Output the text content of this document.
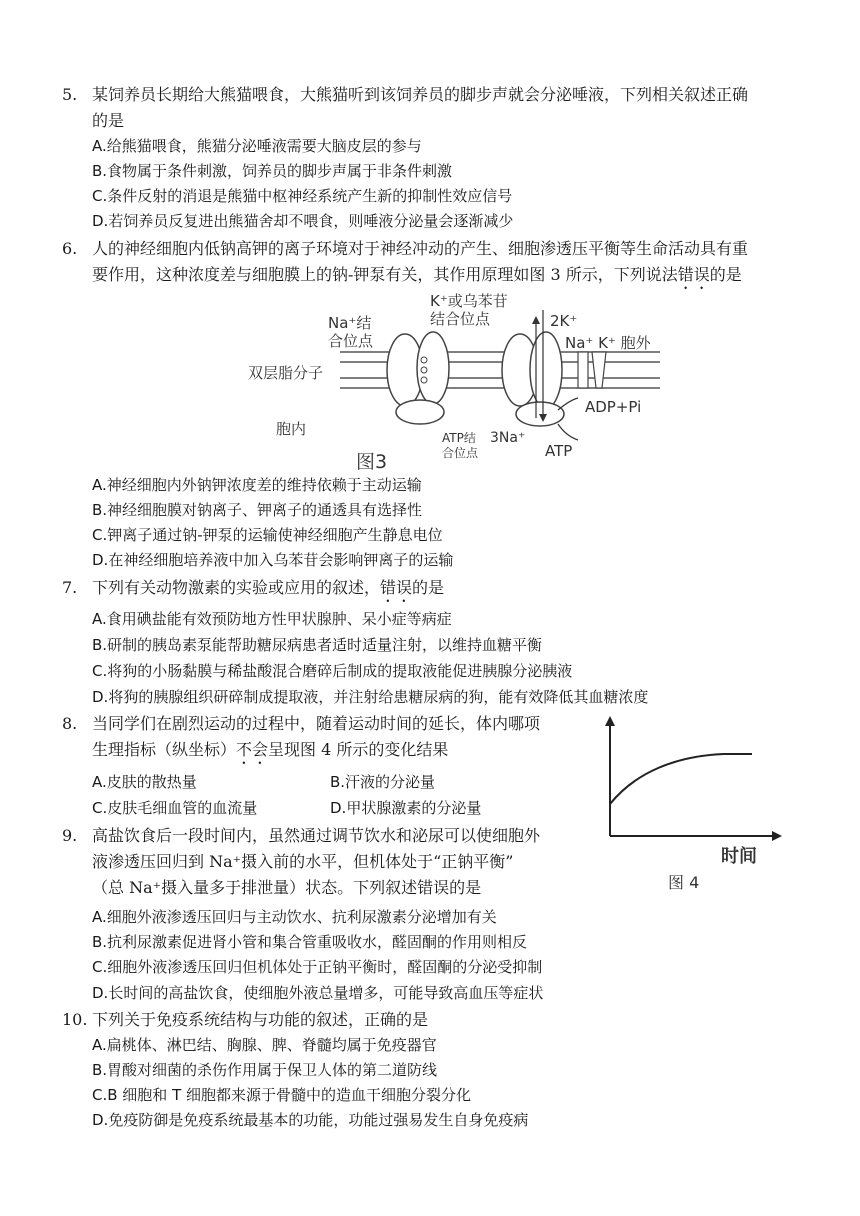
5. 某饲养员长期给大熊猫喂食，大熊猫听到该饲养员的脚步声就会分泌唾液，下列相关叙述正确
的是
A.给熊猫喂食，熊猫分泌唾液需要大脑皮层的参与
B.食物属于条件刺激，饲养员的脚步声属于非条件刺激
C.条件反射的消退是熊猫中枢神经系统产生新的抑制性效应信号
D.若饲养员反复进出熊猫舍却不喂食，则唾液分泌量会逐渐减少
6. 人的神经细胞内低钠高钾的离子环境对于神经冲动的产生、细胞渗透压平衡等生命活动具有重
要作用，这种浓度差与细胞膜上的钠-钾泵有关，其作用原理如图 3 所示，下列说法错误的是
Na⁺结
合位点
K⁺或乌苯苷
结合位点	2K⁺
Na⁺ K⁺ 胞外
双层脂分子
胞内
ADP+Pi
ATP
3Na⁺
ATP结
合位点
图3
A.神经细胞内外钠钾浓度差的维持依赖于主动运输
B.神经细胞膜对钠离子、钾离子的通透具有选择性
C.钾离子通过钠-钾泵的运输使神经细胞产生静息电位
D.在神经细胞培养液中加入乌苯苷会影响钾离子的运输
7. 下列有关动物激素的实验或应用的叙述，错误的是
A.食用碘盐能有效预防地方性甲状腺肿、呆小症等病症
B.研制的胰岛素泵能帮助糖尿病患者适时适量注射，以维持血糖平衡
C.将狗的小肠黏膜与稀盐酸混合磨碎后制成的提取液能促进胰腺分泌胰液
D.将狗的胰腺组织研碎制成提取液，并注射给患糖尿病的狗，能有效降低其血糖浓度
8. 当同学们在剧烈运动的过程中，随着运动时间的延长，体内哪项
生理指标（纵坐标）不会呈现图 4 所示的变化结果
A.皮肤的散热量	B.汗液的分泌量
C.皮肤毛细血管的血流量	D.甲状腺激素的分泌量
时间
图 4
9. 高盐饮食后一段时间内，虽然通过调节饮水和泌尿可以使细胞外
液渗透压回归到 Na⁺摄入前的水平，但机体处于“正钠平衡”
（总 Na⁺摄入量多于排泄量）状态。下列叙述错误的是
A.细胞外液渗透压回归与主动饮水、抗利尿激素分泌增加有关
B.抗利尿激素促进肾小管和集合管重吸收水，醛固酮的作用则相反
C.细胞外液渗透压回归但机体处于正钠平衡时，醛固酮的分泌受抑制
D.长时间的高盐饮食，使细胞外液总量增多，可能导致高血压等症状
10. 下列关于免疫系统结构与功能的叙述，正确的是
A.扁桃体、淋巴结、胸腺、脾、脊髓均属于免疫器官
B.胃酸对细菌的杀伤作用属于保卫人体的第二道防线
C.B 细胞和 T 细胞都来源于骨髓中的造血干细胞分裂分化
D.免疫防御是免疫系统最基本的功能，功能过强易发生自身免疫病
